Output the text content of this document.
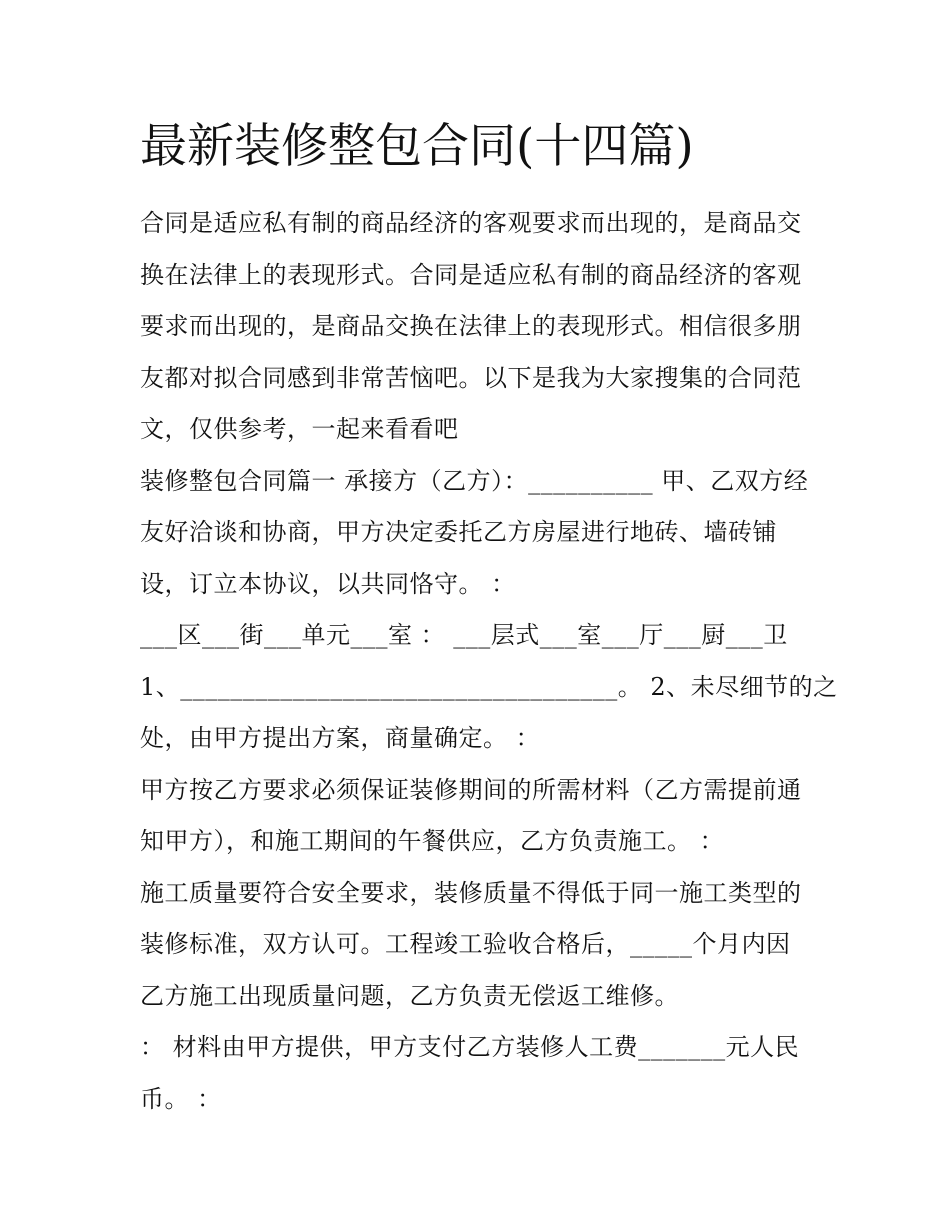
最新装修整包合同(十四篇)
合同是适应私有制的商品经济的客观要求而出现的，是商品交
换在法律上的表现形式。合同是适应私有制的商品经济的客观
要求而出现的，是商品交换在法律上的表现形式。相信很多朋
友都对拟合同感到非常苦恼吧。以下是我为大家搜集的合同范
文，仅供参考，一起来看看吧
装修整包合同篇一 承接方（乙方）：__________ 甲、乙双方经
友好洽谈和协商，甲方决定委托乙方房屋进行地砖、墙砖铺
设，订立本协议，以共同恪守。 ：
___区___街___单元___室 ： ___层式___室___厅___厨___卫
1、___________________________________。 2、未尽细节的之
处，由甲方提出方案，商量确定。 ：
甲方按乙方要求必须保证装修期间的所需材料（乙方需提前通
知甲方），和施工期间的午餐供应，乙方负责施工。 ：
施工质量要符合安全要求，装修质量不得低于同一施工类型的
装修标准，双方认可。工程竣工验收合格后，_____个月内因
乙方施工出现质量问题，乙方负责无偿返工维修。
： 材料由甲方提供，甲方支付乙方装修人工费_______元人民
币。 ：
